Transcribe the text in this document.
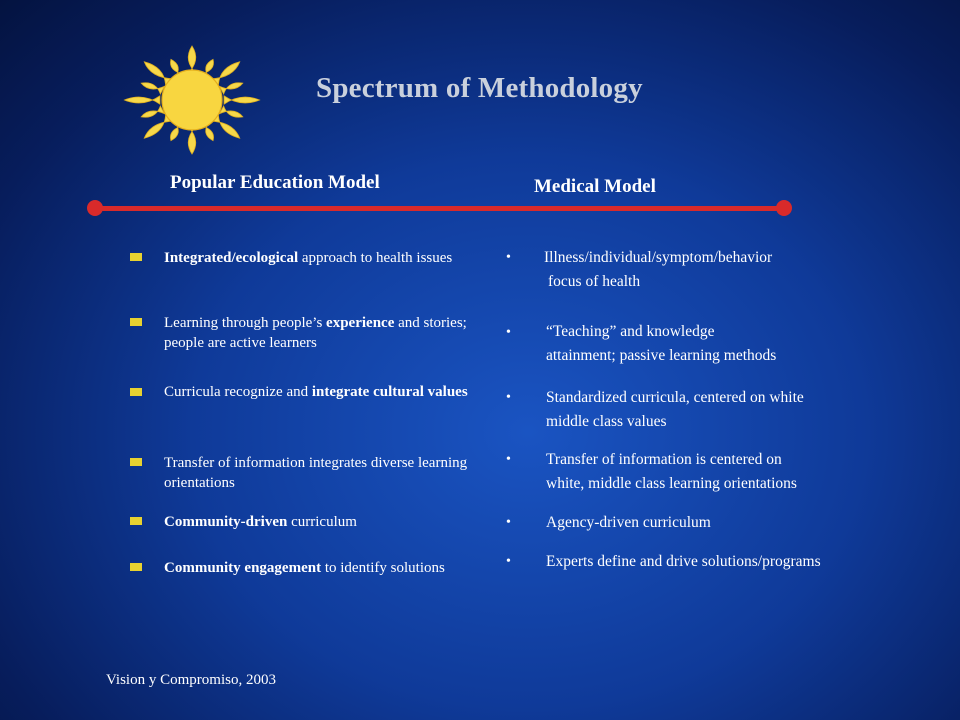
Spectrum of Methodology
Popular Education Model	Medical Model
Integrated/ecological approach to health issues
Learning through people’s experience and stories; people are active learners
Curricula recognize and integrate cultural values
Transfer of information integrates diverse learning orientations
Community-driven curriculum
Community engagement to identify solutions
• Illness/individual/symptom/behavior
focus of health
• “Teaching” and knowledge
attainment; passive learning methods
• Standardized curricula, centered on white
middle class values
• Transfer of information is centered on
white, middle class learning orientations
• Agency-driven curriculum
• Experts define and drive solutions/programs
Vision y Compromiso, 2003
